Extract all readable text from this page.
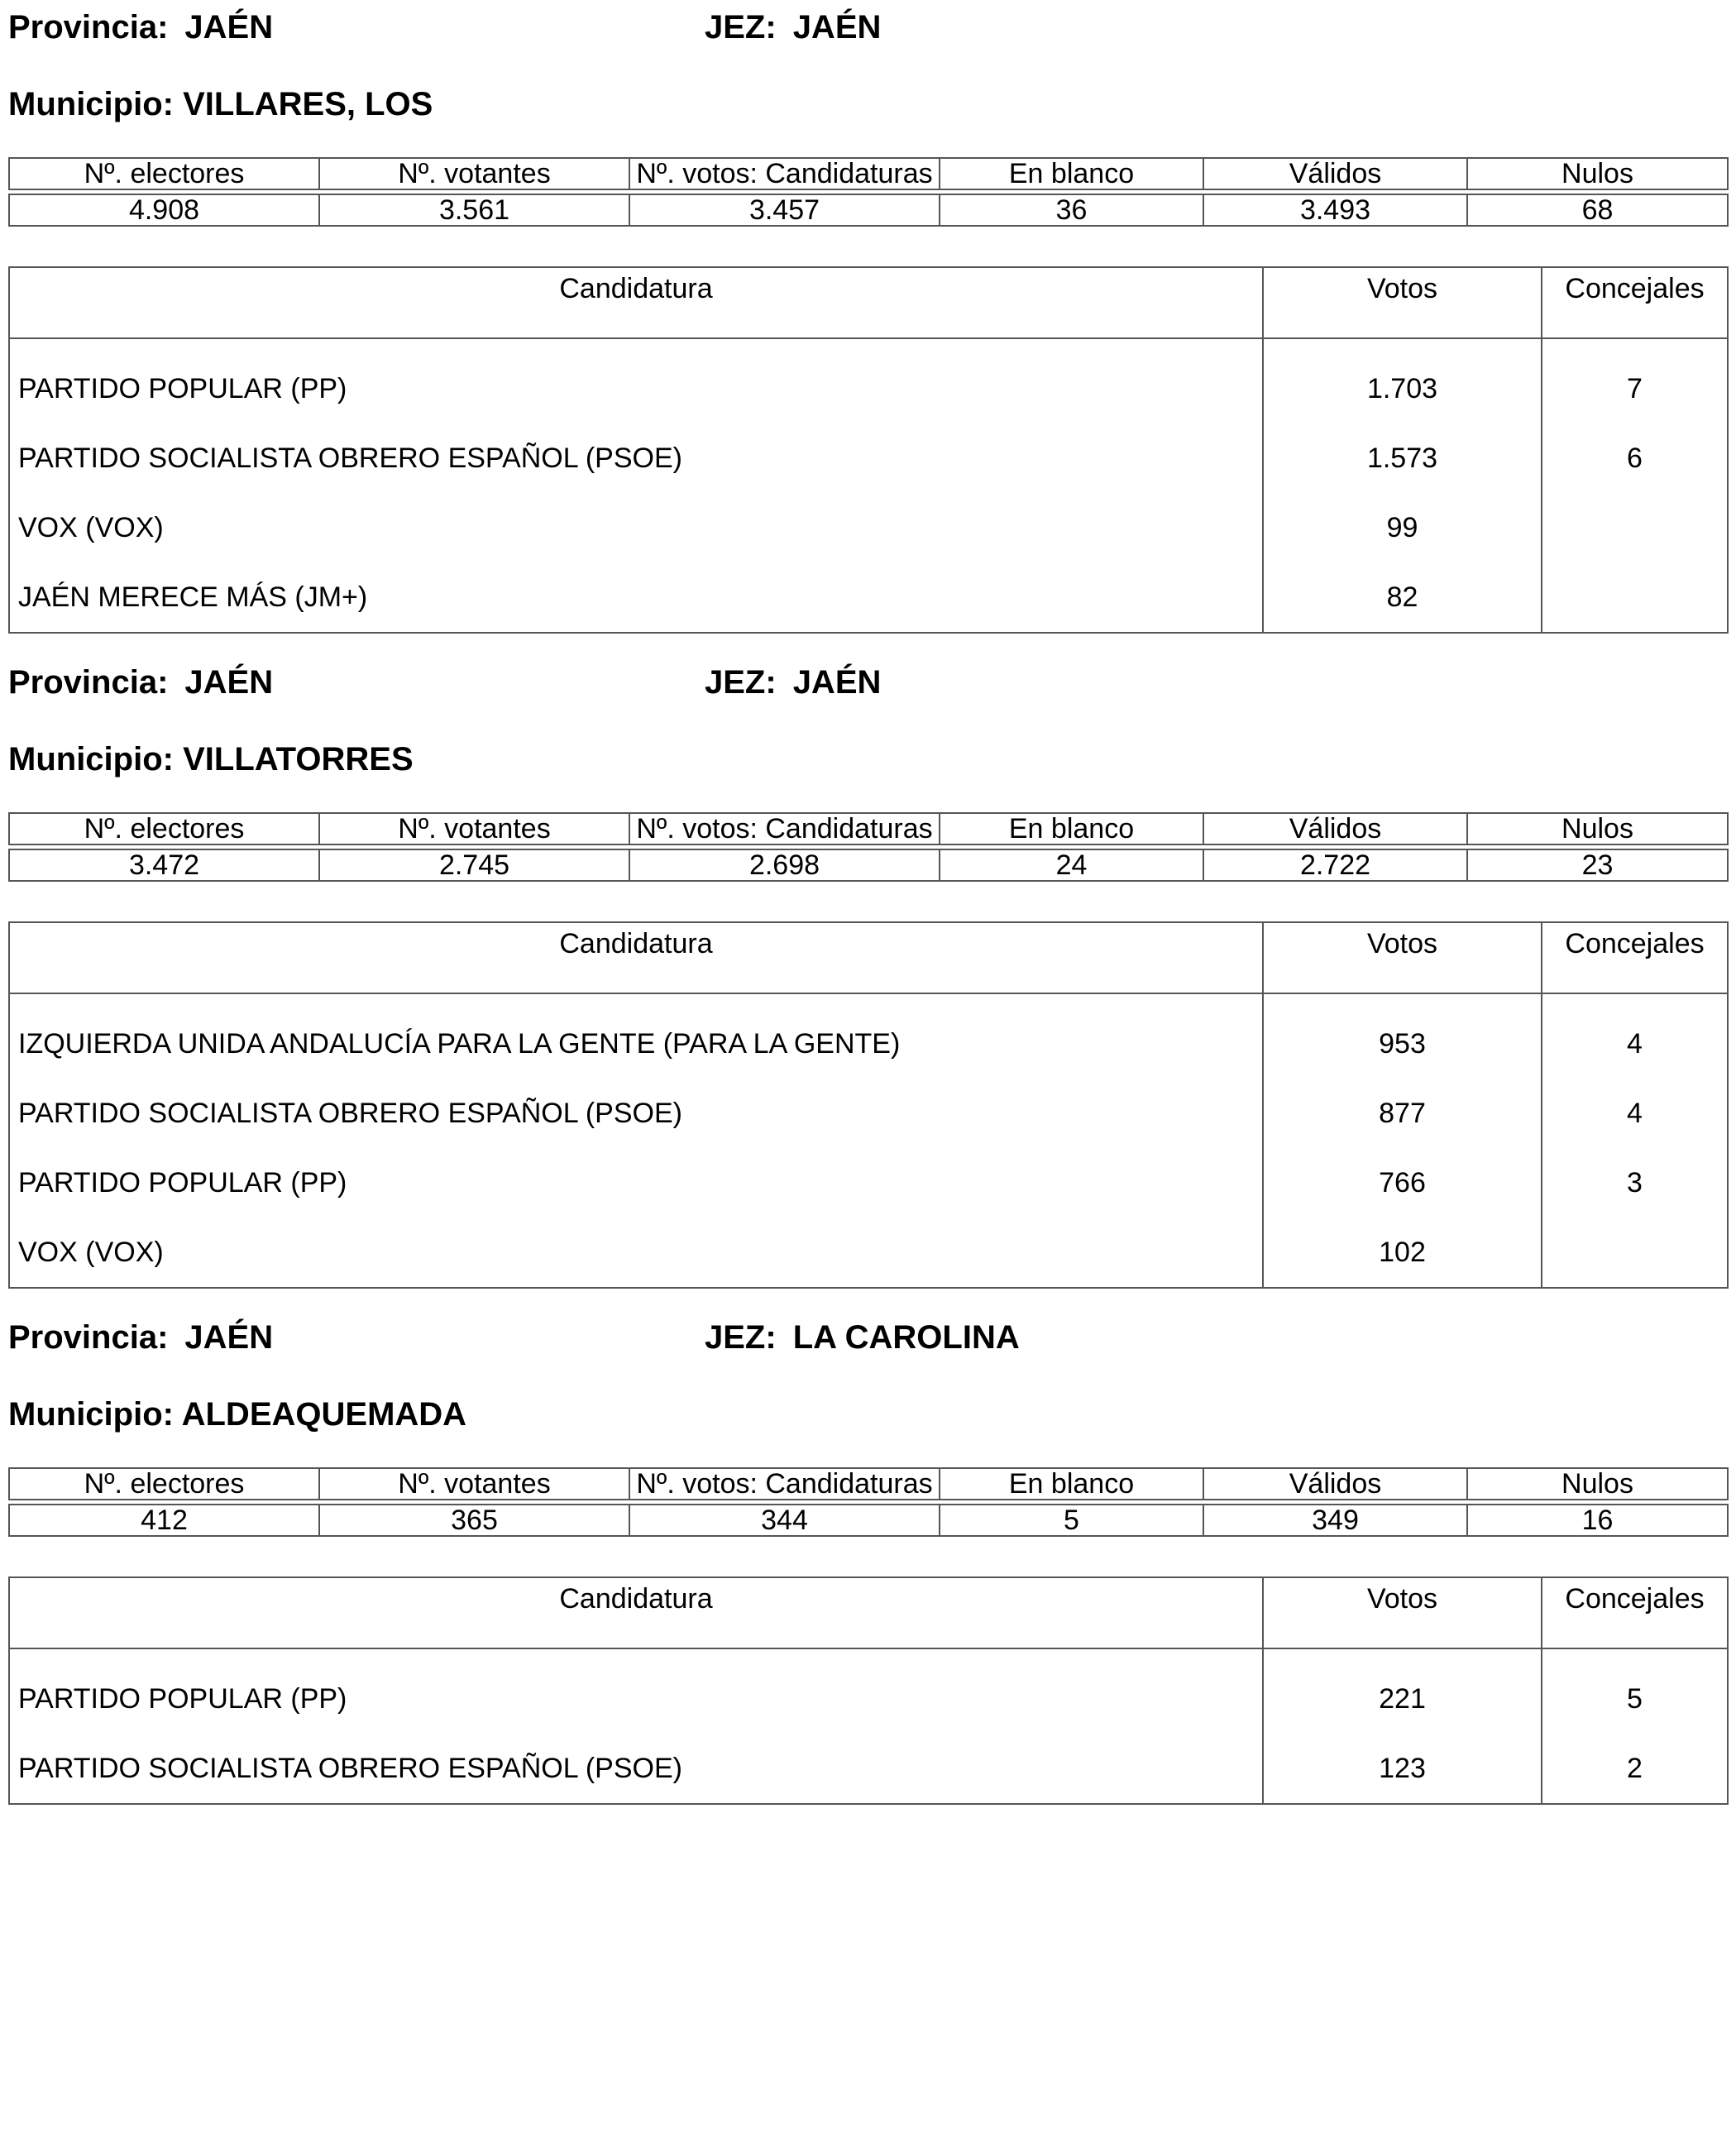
Provincia: JAÉN	JEZ: JAÉN
Municipio: VILLARES, LOS
Nº. electores	Nº. votantes	Nº. votos: Candidaturas	En blanco	Válidos	Nulos

4.908	3.561	3.457	36	3.493	68
Candidatura	Votos	Concejales
PARTIDO POPULAR (PP)	1.703	7
PARTIDO SOCIALISTA OBRERO ESPAÑOL (PSOE)	1.573	6
VOX (VOX)	99	
JAÉN MERECE MÁS (JM+)	82	
Provincia: JAÉN	JEZ: JAÉN
Municipio: VILLATORRES
Nº. electores	Nº. votantes	Nº. votos: Candidaturas	En blanco	Válidos	Nulos

3.472	2.745	2.698	24	2.722	23
Candidatura	Votos	Concejales
IZQUIERDA UNIDA ANDALUCÍA PARA LA GENTE (PARA LA GENTE)	953	4
PARTIDO SOCIALISTA OBRERO ESPAÑOL (PSOE)	877	4
PARTIDO POPULAR (PP)	766	3
VOX (VOX)	102	
Provincia: JAÉN	JEZ: LA CAROLINA
Municipio: ALDEAQUEMADA
Nº. electores	Nº. votantes	Nº. votos: Candidaturas	En blanco	Válidos	Nulos

412	365	344	5	349	16
Candidatura	Votos	Concejales
PARTIDO POPULAR (PP)	221	5
PARTIDO SOCIALISTA OBRERO ESPAÑOL (PSOE)	123	2
